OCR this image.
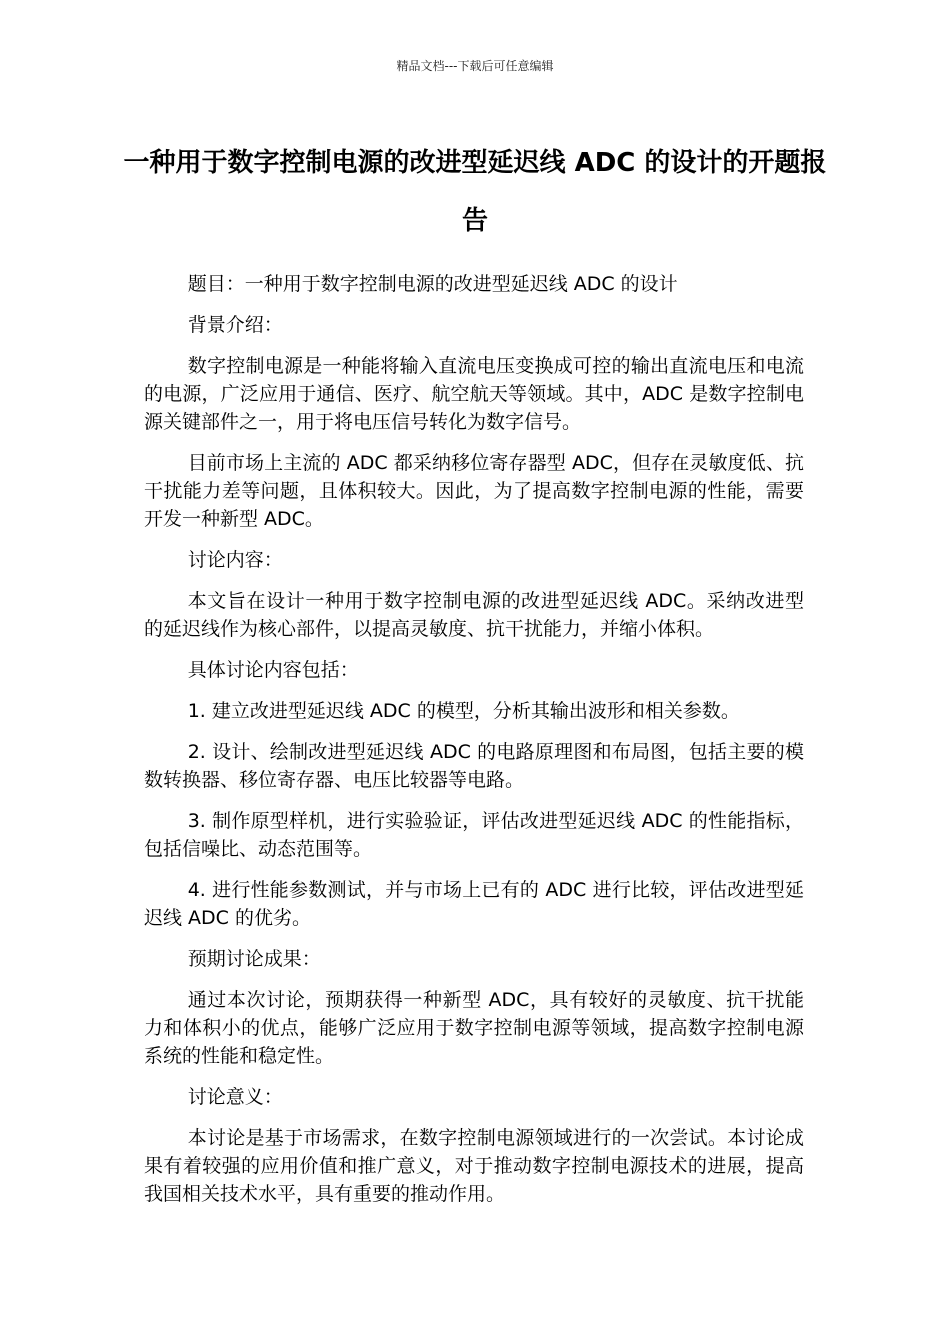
精品文档---下载后可任意编辑
一种用于数字控制电源的改进型延迟线 ADC 的设计的开题报告

题目：一种用于数字控制电源的改进型延迟线 ADC 的设计

背景介绍：

数字控制电源是一种能将输入直流电压变换成可控的输出直流电压和电流的电源，广泛应用于通信、医疗、航空航天等领域。其中，ADC 是数字控制电源关键部件之一，用于将电压信号转化为数字信号。

目前市场上主流的 ADC 都采纳移位寄存器型 ADC，但存在灵敏度低、抗干扰能力差等问题，且体积较大。因此，为了提高数字控制电源的性能，需要开发一种新型 ADC。

讨论内容：

本文旨在设计一种用于数字控制电源的改进型延迟线 ADC。采纳改进型的延迟线作为核心部件，以提高灵敏度、抗干扰能力，并缩小体积。

具体讨论内容包括：

1. 建立改进型延迟线 ADC 的模型，分析其输出波形和相关参数。

2. 设计、绘制改进型延迟线 ADC 的电路原理图和布局图，包括主要的模数转换器、移位寄存器、电压比较器等电路。

3. 制作原型样机，进行实验验证，评估改进型延迟线 ADC 的性能指标，包括信噪比、动态范围等。

4. 进行性能参数测试，并与市场上已有的 ADC 进行比较，评估改进型延迟线 ADC 的优劣。

预期讨论成果：

通过本次讨论，预期获得一种新型 ADC，具有较好的灵敏度、抗干扰能力和体积小的优点，能够广泛应用于数字控制电源等领域，提高数字控制电源系统的性能和稳定性。

讨论意义：

本讨论是基于市场需求，在数字控制电源领域进行的一次尝试。本讨论成果有着较强的应用价值和推广意义，对于推动数字控制电源技术的进展，提高我国相关技术水平，具有重要的推动作用。
